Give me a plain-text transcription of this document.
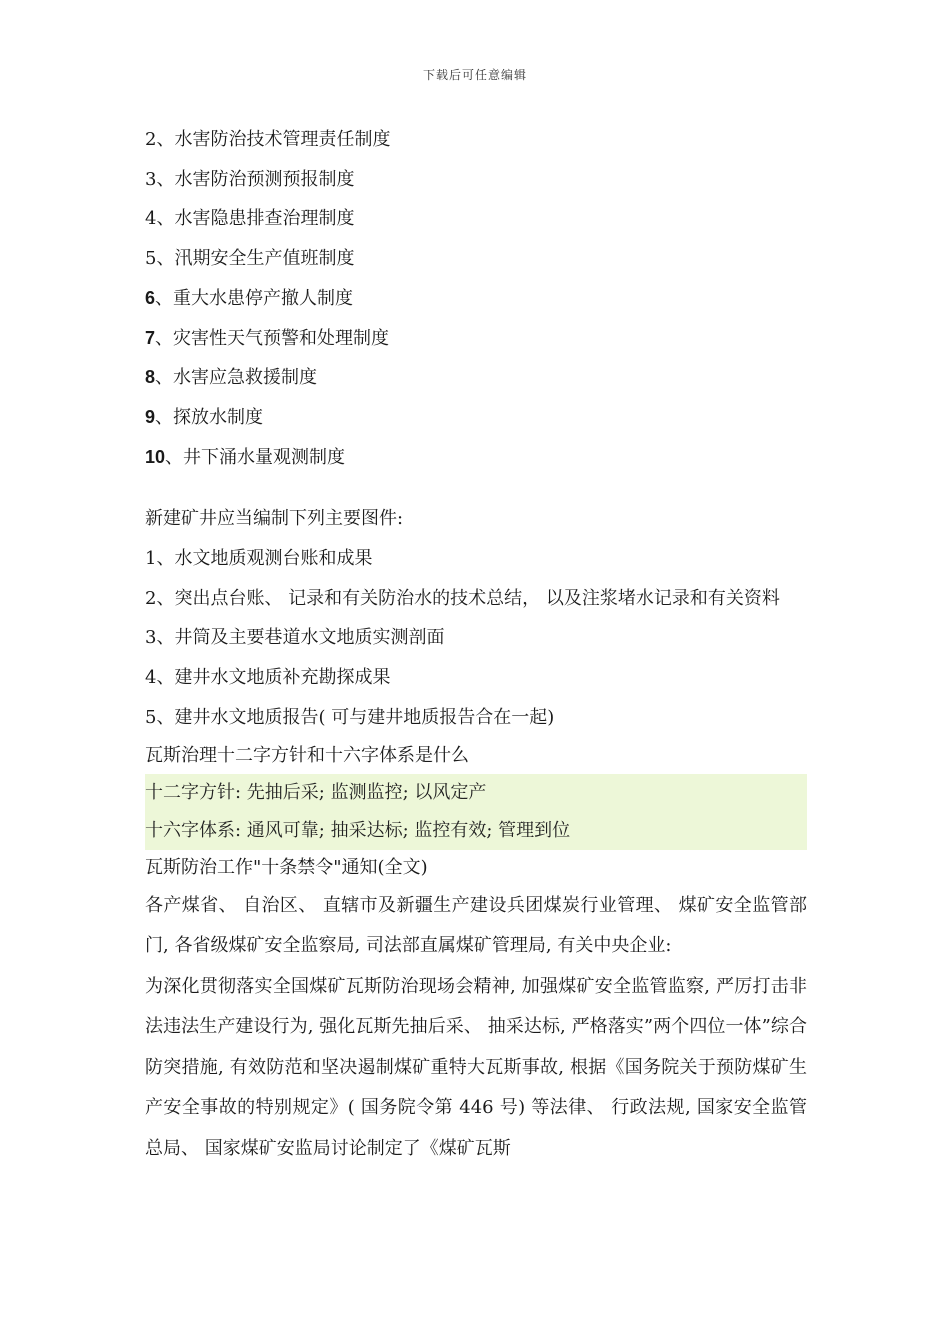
下载后可任意编辑
2、水害防治技术管理责任制度
3、水害防治预测预报制度
4、水害隐患排查治理制度
5、汛期安全生产值班制度
6、重大水患停产撤人制度
7、灾害性天气预警和处理制度
8、水害应急救援制度
9、探放水制度
10、井下涌水量观测制度
新建矿井应当编制下列主要图件:
1、水文地质观测台账和成果
2、突出点台账、 记录和有关防治水的技术总结， 以及注浆堵水记录和有关资料
3、井筒及主要巷道水文地质实测剖面
4、建井水文地质补充勘探成果
5、建井水文地质报告( 可与建井地质报告合在一起)
瓦斯治理十二字方针和十六字体系是什么
十二字方针: 先抽后采; 监测监控; 以风定产
十六字体系: 通风可靠; 抽采达标; 监控有效; 管理到位
瓦斯防治工作"十条禁令"通知(全文)
各产煤省、 自治区、 直辖市及新疆生产建设兵团煤炭行业管理、 煤矿安全监管部门, 各省级煤矿安全监察局, 司法部直属煤矿管理局, 有关中央企业:
为深化贯彻落实全国煤矿瓦斯防治现场会精神, 加强煤矿安全监管监察, 严厉打击非法违法生产建设行为, 强化瓦斯先抽后采、 抽采达标, 严格落实”两个四位一体”综合防突措施, 有效防范和坚决遏制煤矿重特大瓦斯事故, 根据《国务院关于预防煤矿生产安全事故的特别规定》( 国务院令第 446 号) 等法律、 行政法规, 国家安全监管总局、 国家煤矿安监局讨论制定了《煤矿瓦斯
